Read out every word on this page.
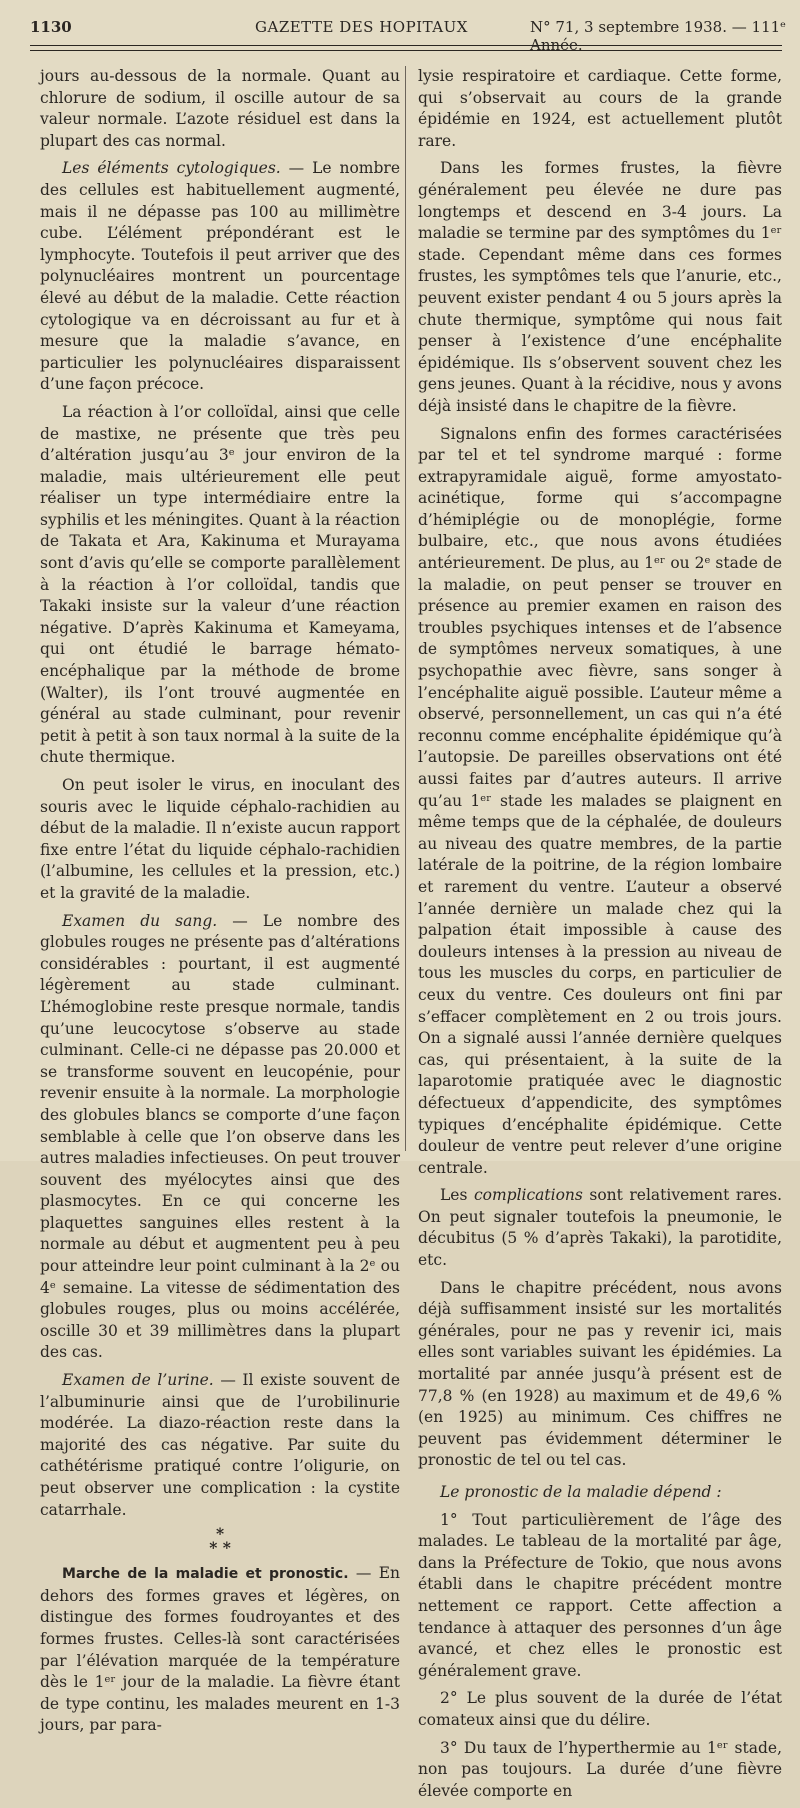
1130	GAZETTE DES HOPITAUX	N° 71, 3 septembre 1938. — 111ᵉ Année.

jours au-dessous de la normale. Quant au chlorure de sodium, il oscille autour de sa valeur normale. L’azote résiduel est dans la plupart des cas normal.

Les éléments cytologiques. — Le nombre des cellules est habituellement augmenté, mais il ne dépasse pas 100 au millimètre cube. L’élément prépondérant est le lymphocyte. Toutefois il peut arriver que des polynucléaires montrent un pourcentage élevé au début de la maladie. Cette réaction cytologique va en décroissant au fur et à mesure que la maladie s’avance, en particulier les polynucléaires disparaissent d’une façon précoce.

La réaction à l’or colloïdal, ainsi que celle de mastixe, ne présente que très peu d’altération jusqu’au 3ᵉ jour environ de la maladie, mais ultérieurement elle peut réaliser un type intermédiaire entre la syphilis et les méningites. Quant à la réaction de Takata et Ara, Kakinuma et Murayama sont d’avis qu’elle se comporte parallèlement à la réaction à l’or colloïdal, tandis que Takaki insiste sur la valeur d’une réaction négative. D’après Kakinuma et Kameyama, qui ont étudié le barrage hémato-encéphalique par la méthode de brome (Walter), ils l’ont trouvé augmentée en général au stade culminant, pour revenir petit à petit à son taux normal à la suite de la chute thermique.

On peut isoler le virus, en inoculant des souris avec le liquide céphalo-rachidien au début de la maladie. Il n’existe aucun rapport fixe entre l’état du liquide céphalo-rachidien (l’albumine, les cellules et la pression, etc.) et la gravité de la maladie.

Examen du sang. — Le nombre des globules rouges ne présente pas d’altérations considérables : pourtant, il est augmenté légèrement au stade culminant. L’hémoglobine reste presque normale, tandis qu’une leucocytose s’observe au stade culminant. Celle-ci ne dépasse pas 20.000 et se transforme souvent en leucopénie, pour revenir ensuite à la normale. La morphologie des globules blancs se comporte d’une façon semblable à celle que l’on observe dans les autres maladies infectieuses. On peut trouver souvent des myélocytes ainsi que des plasmocytes. En ce qui concerne les plaquettes sanguines elles restent à la normale au début et augmentent peu à peu pour atteindre leur point culminant à la 2ᵉ ou 4ᵉ semaine. La vitesse de sédimentation des globules rouges, plus ou moins accélérée, oscille 30 et 39 millimètres dans la plupart des cas.

Examen de l’urine. — Il existe souvent de l’albuminurie ainsi que de l’urobilinurie modérée. La diazo-réaction reste dans la majorité des cas négative. Par suite du cathétérisme pratiqué contre l’oligurie, on peut observer une complication : la cystite catarrhale.

*
* *

Marche de la maladie et pronostic. — En dehors des formes graves et légères, on distingue des formes foudroyantes et des formes frustes. Celles-là sont caractérisées par l’élévation marquée de la température dès le 1ᵉʳ jour de la maladie. La fièvre étant de type continu, les malades meurent en 1-3 jours, par para-

lysie respiratoire et cardiaque. Cette forme, qui s’observait au cours de la grande épidémie en 1924, est actuellement plutôt rare.

Dans les formes frustes, la fièvre généralement peu élevée ne dure pas longtemps et descend en 3-4 jours. La maladie se termine par des symptômes du 1ᵉʳ stade. Cependant même dans ces formes frustes, les symptômes tels que l’anurie, etc., peuvent exister pendant 4 ou 5 jours après la chute thermique, symptôme qui nous fait penser à l’existence d’une encéphalite épidémique. Ils s’observent souvent chez les gens jeunes. Quant à la récidive, nous y avons déjà insisté dans le chapitre de la fièvre.

Signalons enfin des formes caractérisées par tel et tel syndrome marqué : forme extrapyramidale aiguë, forme amyostato-acinétique, forme qui s’accompagne d’hémiplégie ou de monoplégie, forme bulbaire, etc., que nous avons étudiées antérieurement. De plus, au 1ᵉʳ ou 2ᵉ stade de la maladie, on peut penser se trouver en présence au premier examen en raison des troubles psychiques intenses et de l’absence de symptômes nerveux somatiques, à une psychopathie avec fièvre, sans songer à l’encéphalite aiguë possible. L’auteur même a observé, personnellement, un cas qui n’a été reconnu comme encéphalite épidémique qu’à l’autopsie. De pareilles observations ont été aussi faites par d’autres auteurs. Il arrive qu’au 1ᵉʳ stade les malades se plaignent en même temps que de la céphalée, de douleurs au niveau des quatre membres, de la partie latérale de la poitrine, de la région lombaire et rarement du ventre. L’auteur a observé l’année dernière un malade chez qui la palpation était impossible à cause des douleurs intenses à la pression au niveau de tous les muscles du corps, en particulier de ceux du ventre. Ces douleurs ont fini par s’effacer complètement en 2 ou trois jours. On a signalé aussi l’année dernière quelques cas, qui présentaient, à la suite de la laparotomie pratiquée avec le diagnostic défectueux d’appendicite, des symptômes typiques d’encéphalite épidémique. Cette douleur de ventre peut relever d’une origine centrale.

Les complications sont relativement rares. On peut signaler toutefois la pneumonie, le décubitus (5 % d’après Takaki), la parotidite, etc.

Dans le chapitre précédent, nous avons déjà suffisamment insisté sur les mortalités générales, pour ne pas y revenir ici, mais elles sont variables suivant les épidémies. La mortalité par année jusqu’à présent est de 77,8 % (en 1928) au maximum et de 49,6 % (en 1925) au minimum. Ces chiffres ne peuvent pas évidemment déterminer le pronostic de tel ou tel cas.

Le pronostic de la maladie dépend :

1° Tout particulièrement de l’âge des malades. Le tableau de la mortalité par âge, dans la Préfecture de Tokio, que nous avons établi dans le chapitre précédent montre nettement ce rapport. Cette affection a tendance à attaquer des personnes d’un âge avancé, et chez elles le pronostic est généralement grave.

2° Le plus souvent de la durée de l’état comateux ainsi que du délire.

3° Du taux de l’hyperthermie au 1ᵉʳ stade, non pas toujours. La durée d’une fièvre élevée comporte en
